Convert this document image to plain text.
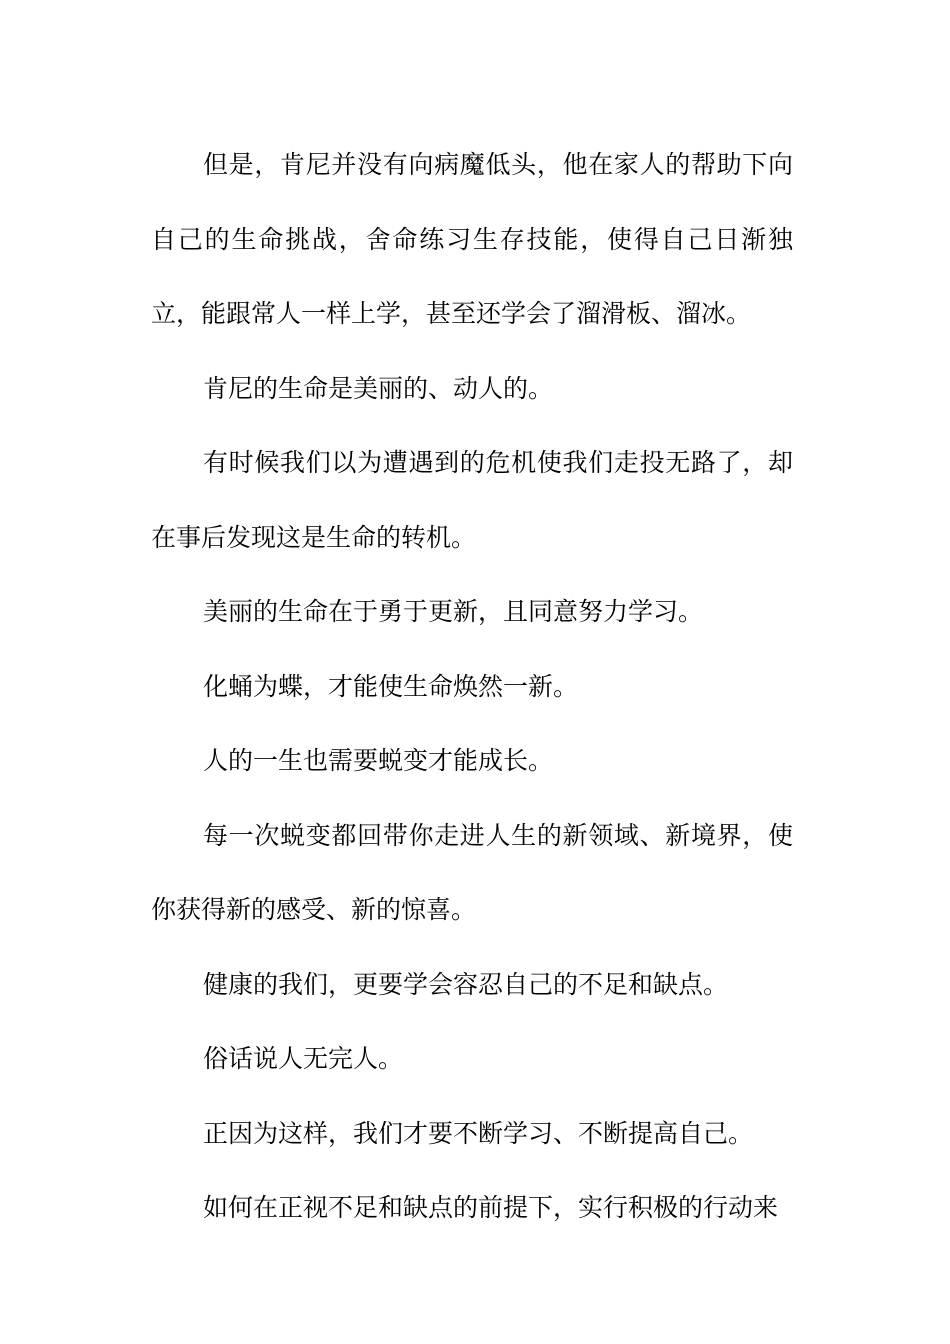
但是，肯尼并没有向病魔低头，他在家人的帮助下向自己的生命挑战，舍命练习生存技能，使得自己日渐独立，能跟常人一样上学，甚至还学会了溜滑板、溜冰。

肯尼的生命是美丽的、动人的。

有时候我们以为遭遇到的危机使我们走投无路了，却在事后发现这是生命的转机。

美丽的生命在于勇于更新，且同意努力学习。

化蛹为蝶，才能使生命焕然一新。

人的一生也需要蜕变才能成长。

每一次蜕变都回带你走进人生的新领域、新境界，使你获得新的感受、新的惊喜。

健康的我们，更要学会容忍自己的不足和缺点。

俗话说人无完人。

正因为这样，我们才要不断学习、不断提高自己。

如何在正视不足和缺点的前提下，实行积极的行动来
